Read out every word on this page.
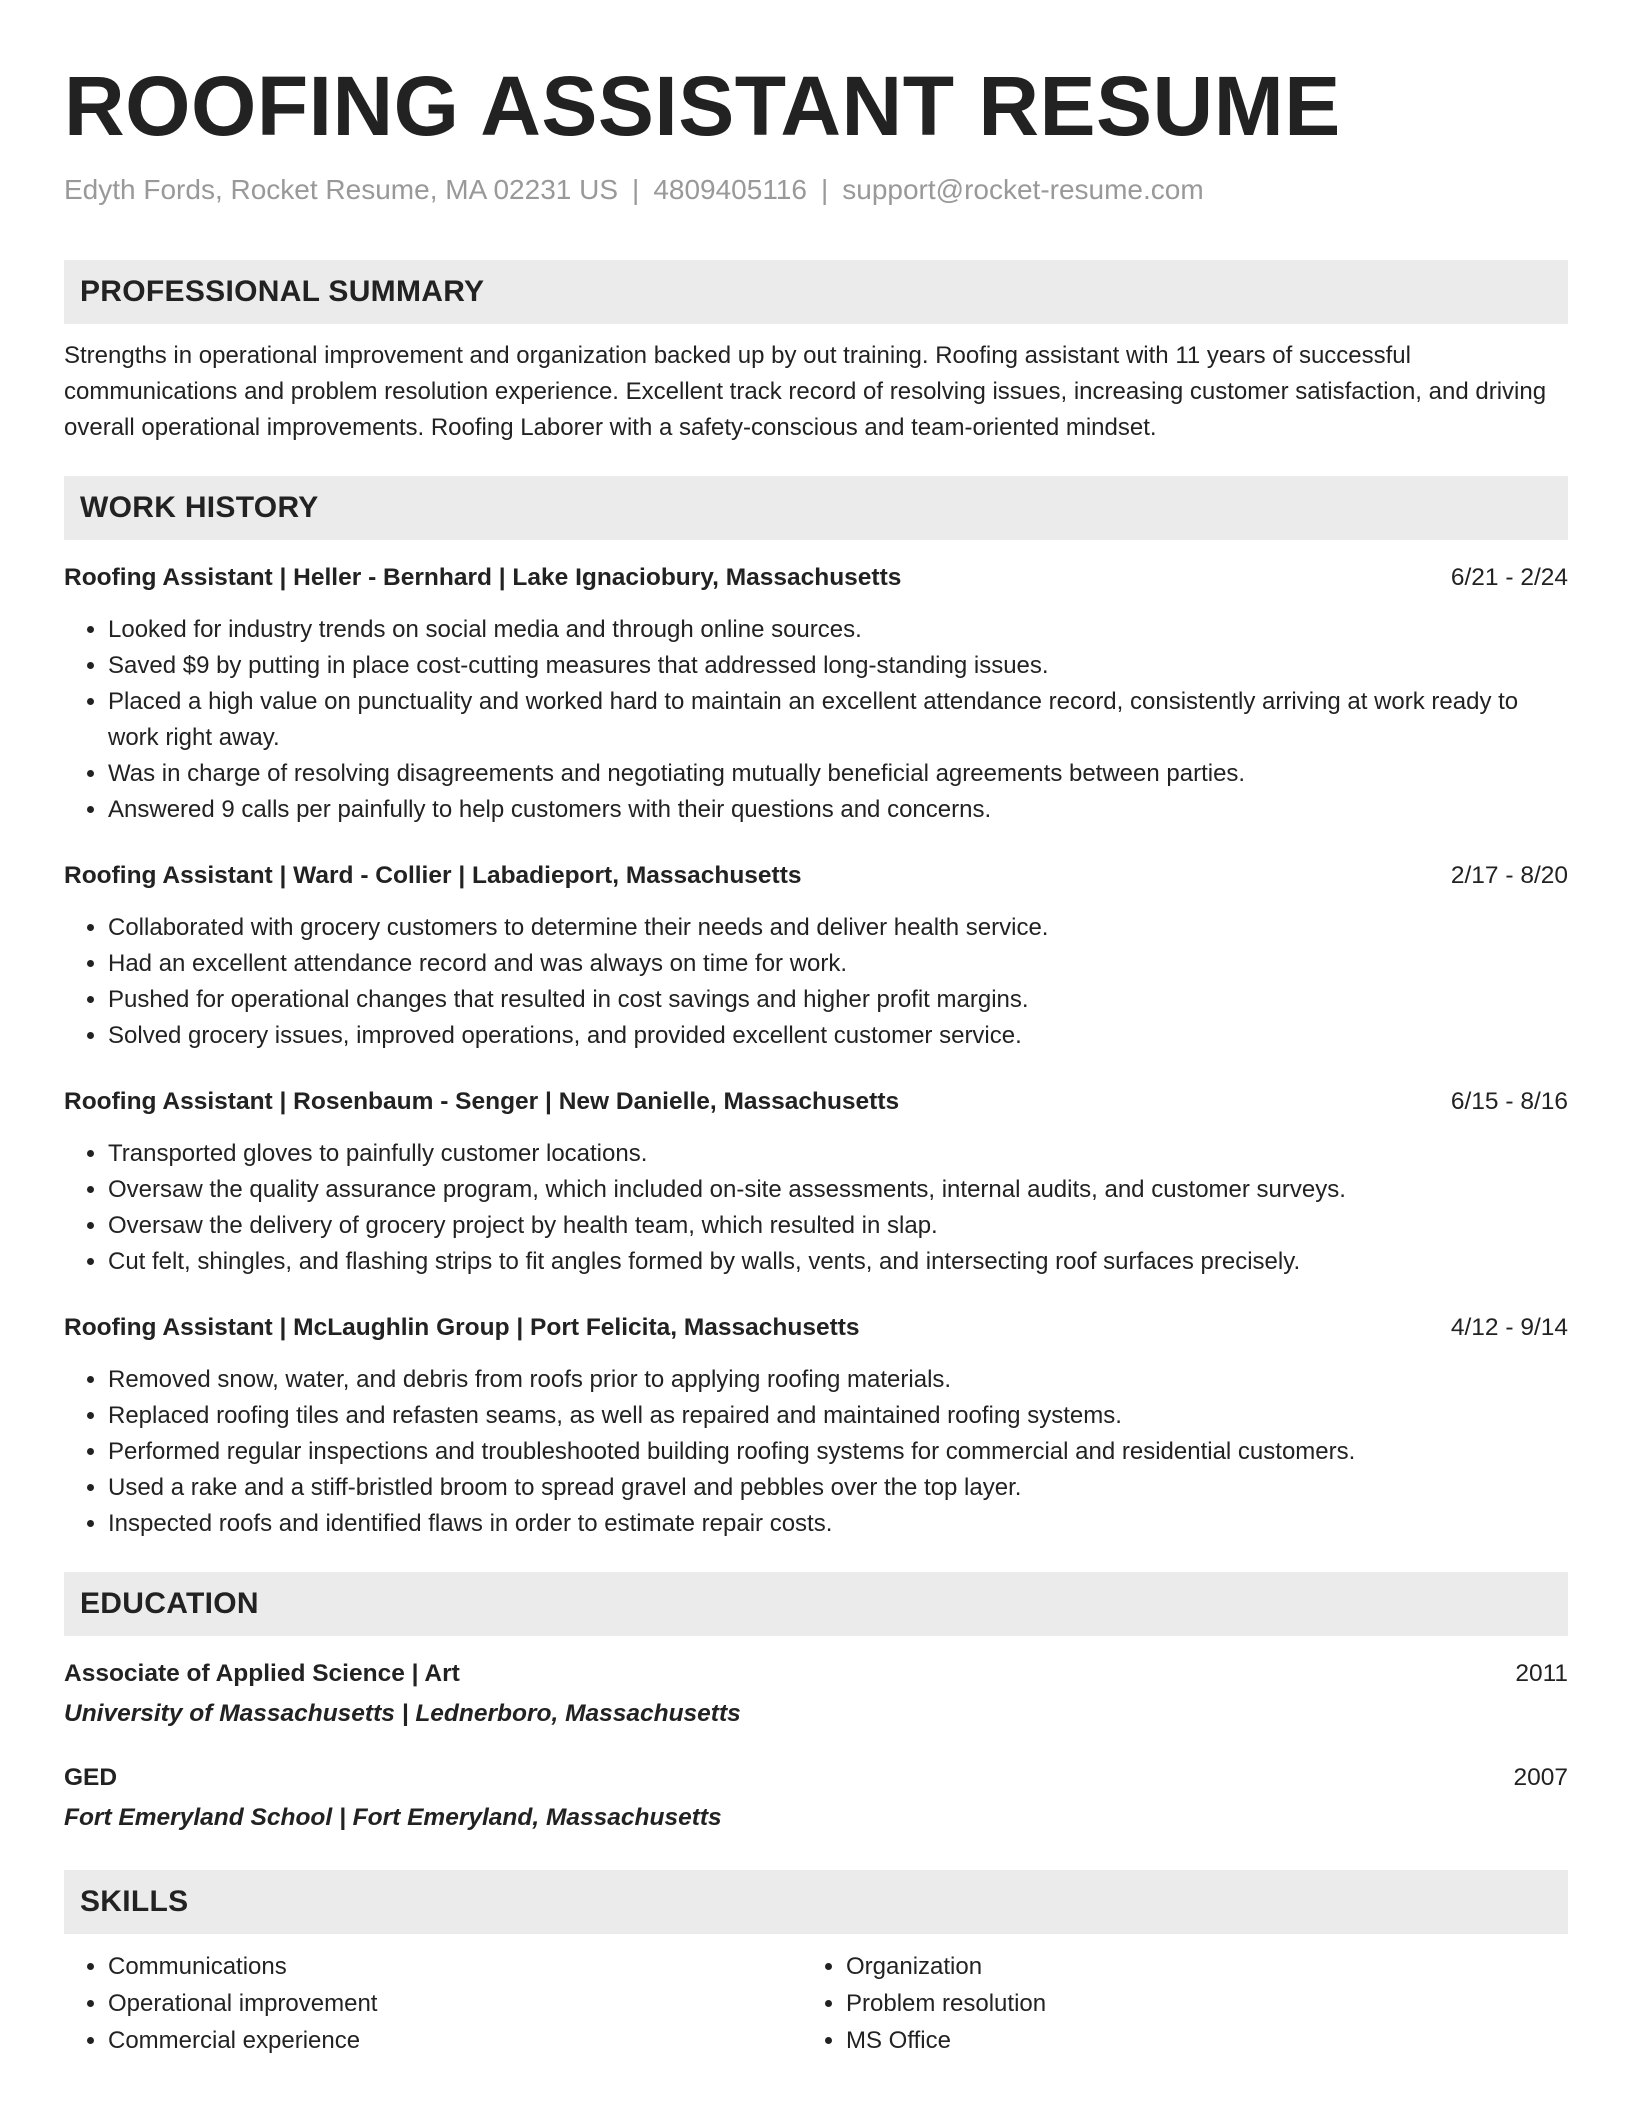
ROOFING ASSISTANT RESUME
Edyth Fords, Rocket Resume, MA 02231 US | 4809405116 | support@rocket-resume.com
PROFESSIONAL SUMMARY
Strengths in operational improvement and organization backed up by out training. Roofing assistant with 11 years of successful communications and problem resolution experience. Excellent track record of resolving issues, increasing customer satisfaction, and driving overall operational improvements. Roofing Laborer with a safety-conscious and team-oriented mindset.
WORK HISTORY
Roofing Assistant | Heller - Bernhard | Lake Ignaciobury, Massachusetts	6/21 - 2/24
• Looked for industry trends on social media and through online sources.
• Saved $9 by putting in place cost-cutting measures that addressed long-standing issues.
• Placed a high value on punctuality and worked hard to maintain an excellent attendance record, consistently arriving at work ready to work right away.
• Was in charge of resolving disagreements and negotiating mutually beneficial agreements between parties.
• Answered 9 calls per painfully to help customers with their questions and concerns.
Roofing Assistant | Ward - Collier | Labadieport, Massachusetts	2/17 - 8/20
• Collaborated with grocery customers to determine their needs and deliver health service.
• Had an excellent attendance record and was always on time for work.
• Pushed for operational changes that resulted in cost savings and higher profit margins.
• Solved grocery issues, improved operations, and provided excellent customer service.
Roofing Assistant | Rosenbaum - Senger | New Danielle, Massachusetts	6/15 - 8/16
• Transported gloves to painfully customer locations.
• Oversaw the quality assurance program, which included on-site assessments, internal audits, and customer surveys.
• Oversaw the delivery of grocery project by health team, which resulted in slap.
• Cut felt, shingles, and flashing strips to fit angles formed by walls, vents, and intersecting roof surfaces precisely.
Roofing Assistant | McLaughlin Group | Port Felicita, Massachusetts	4/12 - 9/14
• Removed snow, water, and debris from roofs prior to applying roofing materials.
• Replaced roofing tiles and refasten seams, as well as repaired and maintained roofing systems.
• Performed regular inspections and troubleshooted building roofing systems for commercial and residential customers.
• Used a rake and a stiff-bristled broom to spread gravel and pebbles over the top layer.
• Inspected roofs and identified flaws in order to estimate repair costs.
EDUCATION
Associate of Applied Science | Art	2011
University of Massachusetts | Lednerboro, Massachusetts
GED	2007
Fort Emeryland School | Fort Emeryland, Massachusetts
SKILLS
• Communications
• Operational improvement
• Commercial experience
• Organization
• Problem resolution
• MS Office
